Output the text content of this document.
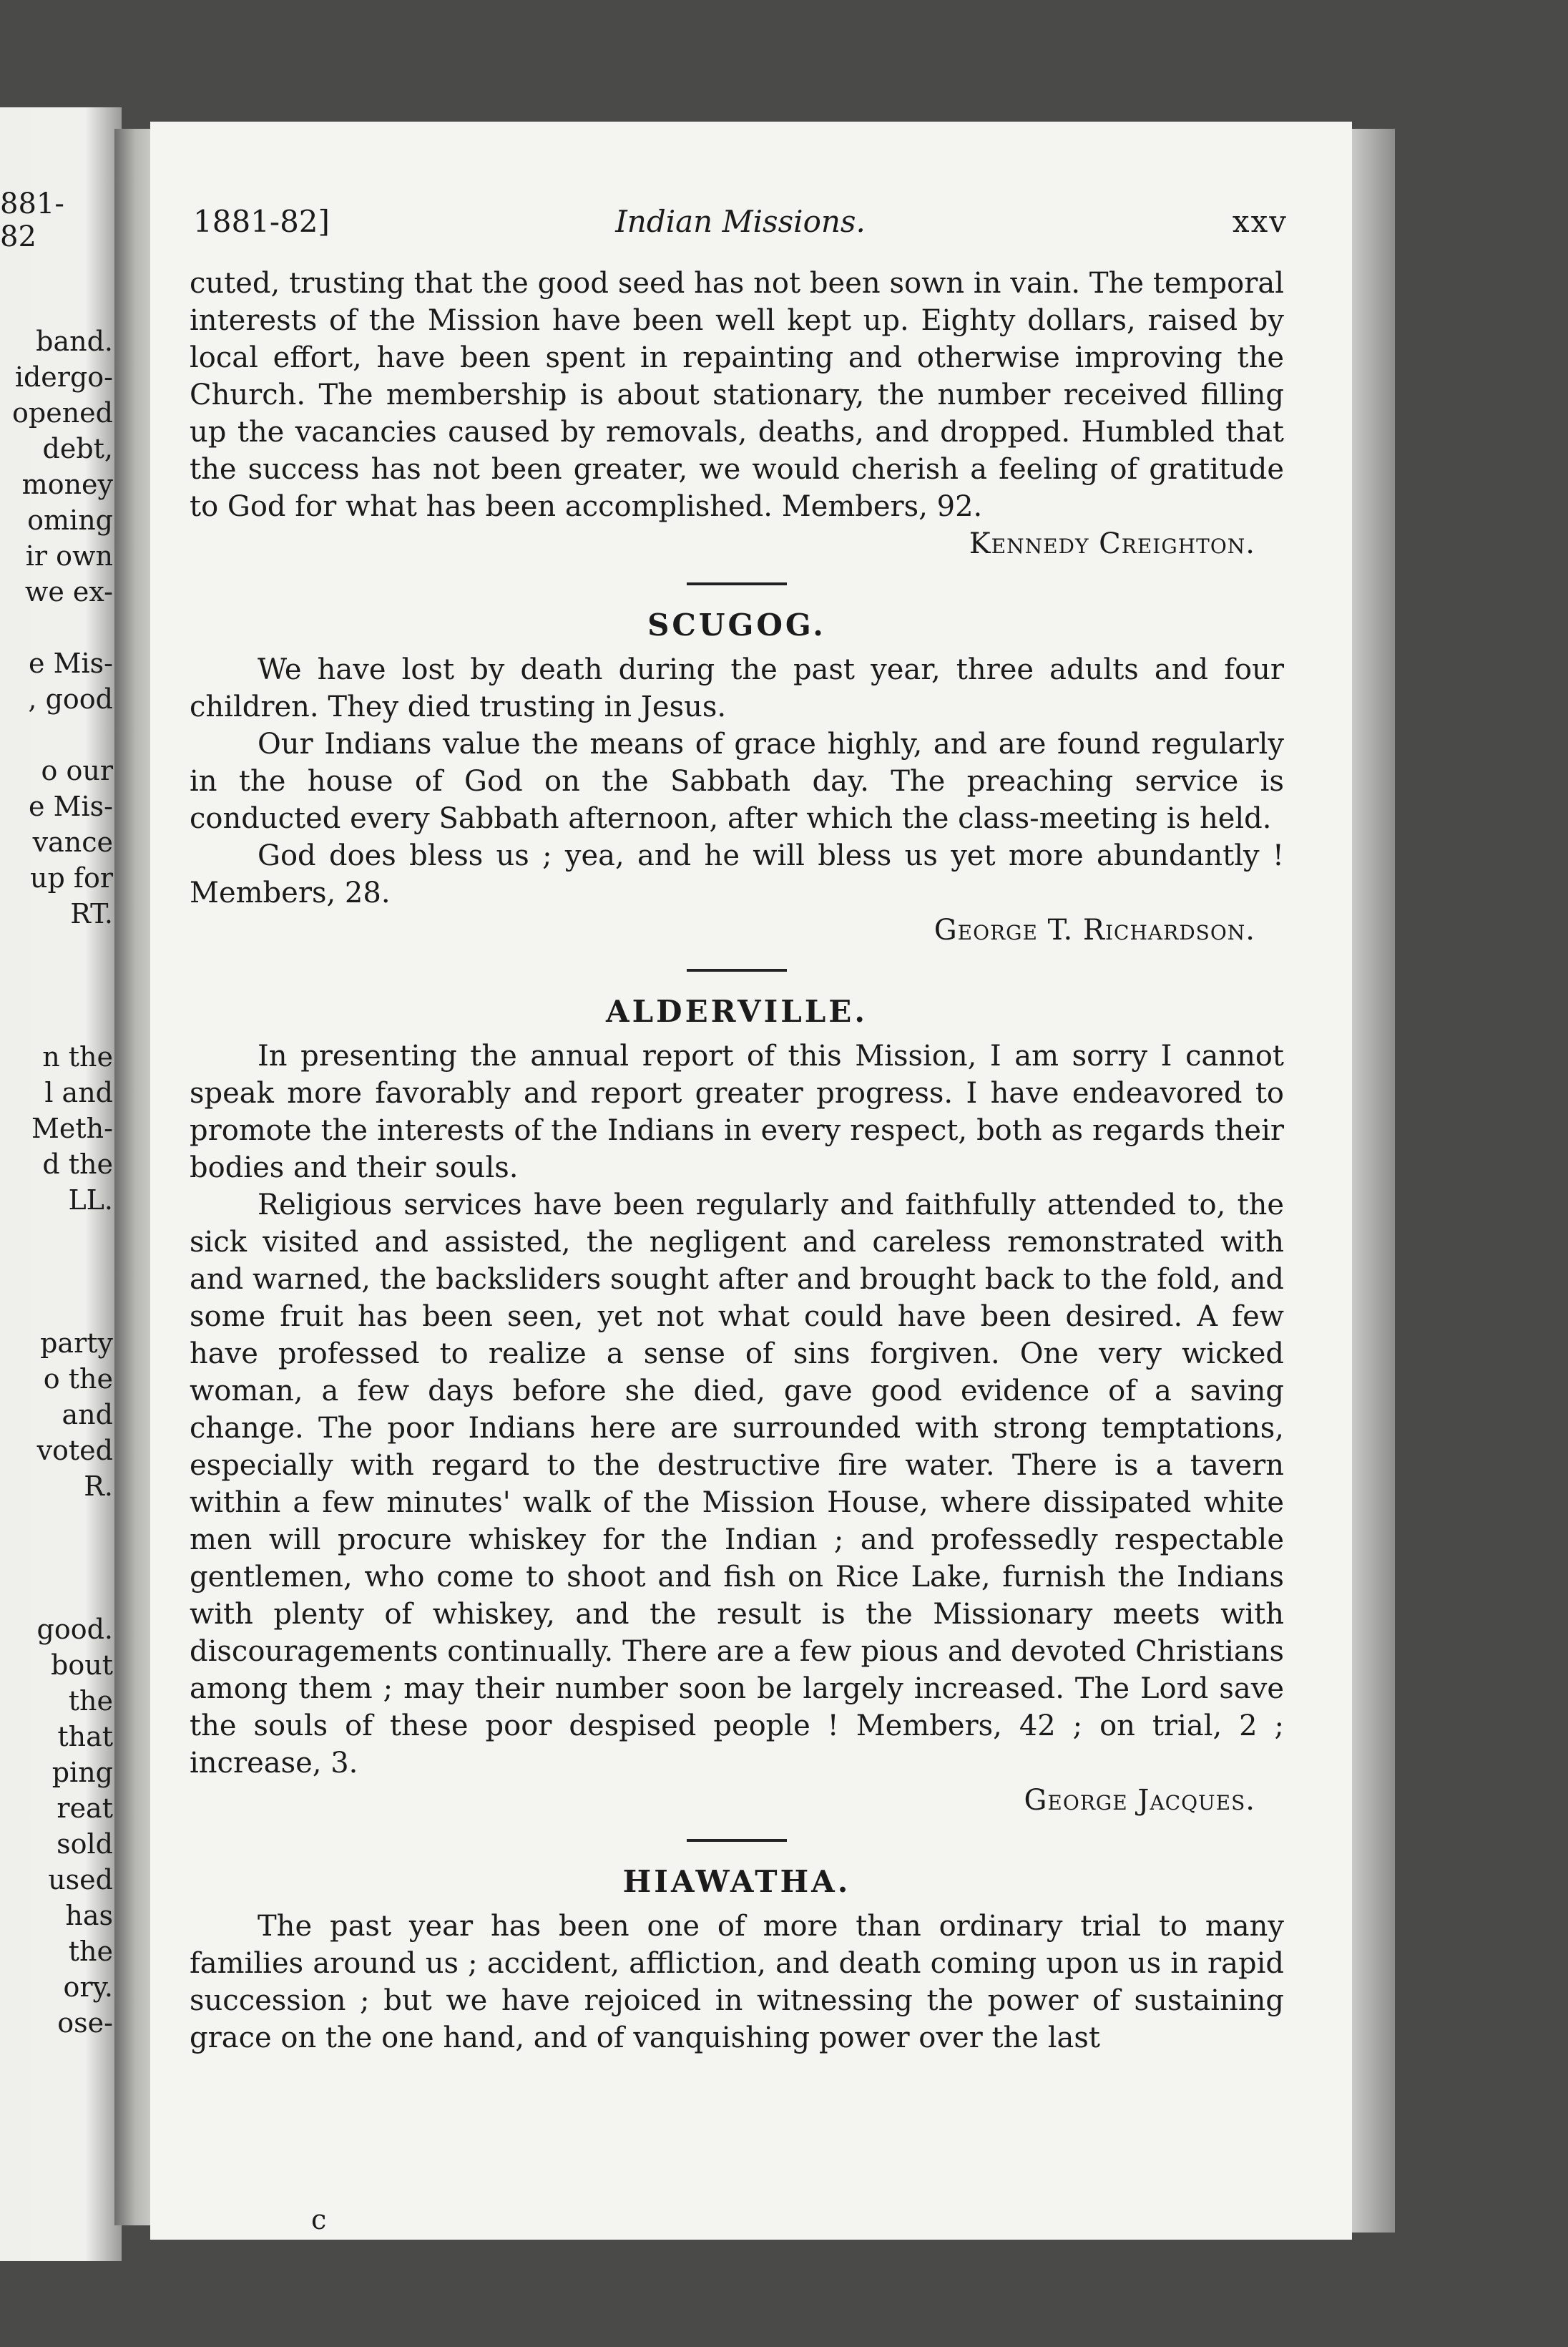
881-82
band.
idergo-
opened
debt,
money
oming
ir own
we ex-
e Mis-
, good
o our
e Mis-
vance
up for
RT.
n the
l and
Meth-
d the
LL.
party
o the
and
voted
R.
good.
bout
the
that
ping
reat
sold
used
has
the
ory.
ose-
1881-82]	Indian Missions.	xxv

cuted, trusting that the good seed has not been sown in vain. The temporal interests of the Mission have been well kept up. Eighty dollars, raised by local effort, have been spent in repainting and otherwise improving the Church. The membership is about stationary, the number received filling up the vacancies caused by removals, deaths, and dropped. Humbled that the success has not been greater, we would cherish a feeling of gratitude to God for what has been accomplished. Members, 92.

Kennedy Creighton.

SCUGOG.

We have lost by death during the past year, three adults and four children. They died trusting in Jesus.

Our Indians value the means of grace highly, and are found regularly in the house of God on the Sabbath day. The preaching service is conducted every Sabbath afternoon, after which the class-meeting is held.

God does bless us ; yea, and he will bless us yet more abundantly ! Members, 28.

George T. Richardson.

ALDERVILLE.

In presenting the annual report of this Mission, I am sorry I cannot speak more favorably and report greater progress. I have endeavored to promote the interests of the Indians in every respect, both as regards their bodies and their souls.

Religious services have been regularly and faithfully attended to, the sick visited and assisted, the negligent and careless remonstrated with and warned, the backsliders sought after and brought back to the fold, and some fruit has been seen, yet not what could have been desired. A few have professed to realize a sense of sins forgiven. One very wicked woman, a few days before she died, gave good evidence of a saving change. The poor Indians here are surrounded with strong temptations, especially with regard to the destructive fire water. There is a tavern within a few minutes' walk of the Mission House, where dissipated white men will procure whiskey for the Indian ; and professedly respectable gentlemen, who come to shoot and fish on Rice Lake, furnish the Indians with plenty of whiskey, and the result is the Missionary meets with discouragements continually. There are a few pious and devoted Christians among them ; may their number soon be largely increased. The Lord save the souls of these poor despised people ! Members, 42 ; on trial, 2 ; increase, 3.

George Jacques.

HIAWATHA.

The past year has been one of more than ordinary trial to many families around us ; accident, affliction, and death coming upon us in rapid succession ; but we have rejoiced in witnessing the power of sustaining grace on the one hand, and of vanquishing power over the last

c
